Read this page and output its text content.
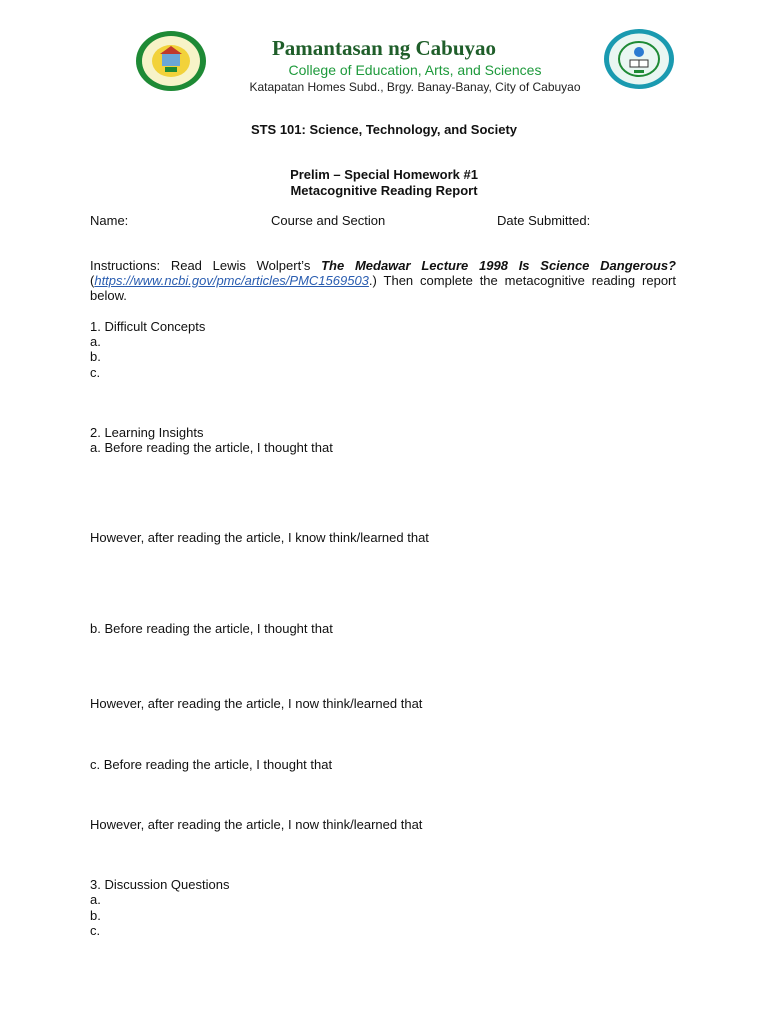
Pamantasan ng Cabuyao
College of Education, Arts, and Sciences
Katapatan Homes Subd., Brgy. Banay-Banay, City of Cabuyao
STS 101: Science, Technology, and Society
Prelim – Special Homework #1
Metacognitive Reading Report
Name:	Course and Section	Date Submitted:
Instructions: Read Lewis Wolpert’s The Medawar Lecture 1998 Is Science Dangerous? (https://www.ncbi.gov/pmc/articles/PMC1569503.) Then complete the metacognitive reading report below.
1. Difficult Concepts
a.
b.
c.
2. Learning Insights
a. Before reading the article, I thought that
However, after reading the article, I know think/learned that
b. Before reading the article, I thought that
However, after reading the article, I now think/learned that
c. Before reading the article, I thought that
However, after reading the article, I now think/learned that
3. Discussion Questions
a.
b.
c.
